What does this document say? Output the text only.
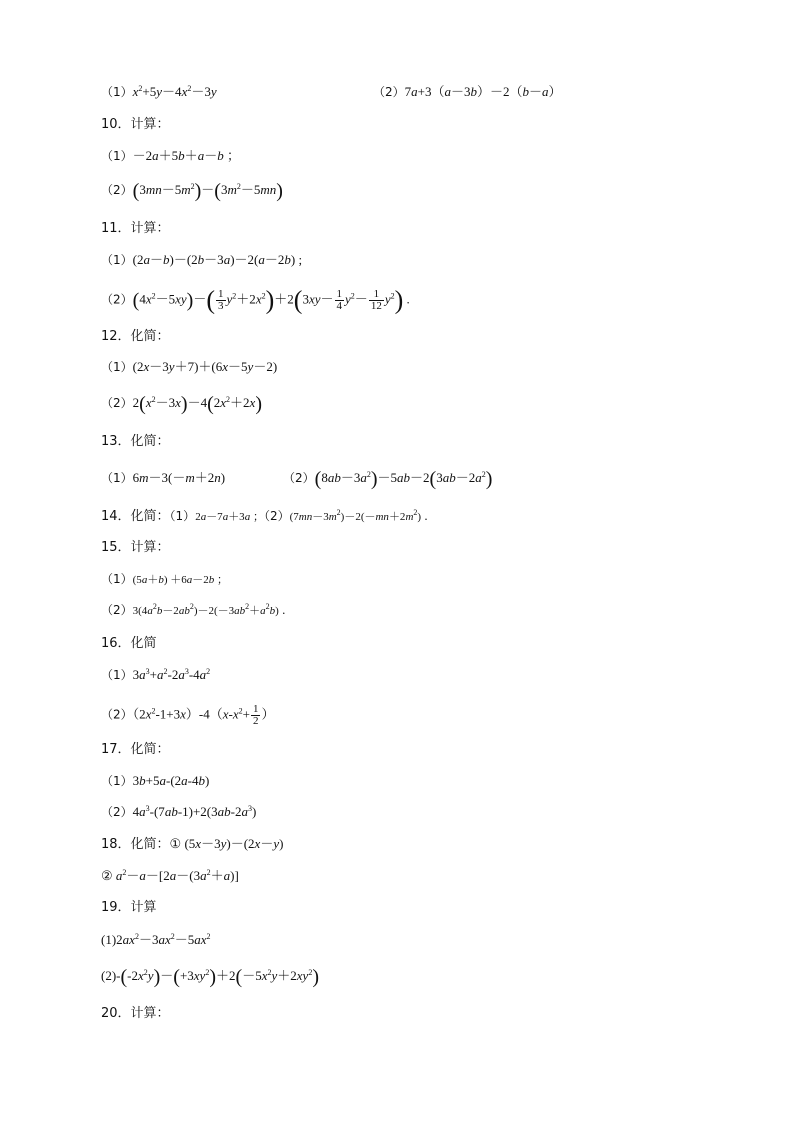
$(1)x^2+5y-4x^2-3y$	（2）7a+3（a－3b）－2（b－a）
10．计算：
（1）－2a＋5b＋a－b ；
$(2)(3mn-5m^2)-(3m^2-5mn)$
11．计算：
（1）(2a－b)－(2b－3a)－2(a－2b) ;
$(2)(4x^2-5xy)-( \frac{1}{3} y^2+2x^2)+2(3xy- \frac{1}{4} y^2- \frac{1}{12} y^2)$ .
12．化简：
（1）(2x－3y＋7)＋(6x－5y－2)
$(2)2(x^2-3x)-4(2x^2+2x)$
13．化简：
（1）6m－3(－m＋2n)	$(2)(8ab-3a^2)-5ab-2(3ab-2a^2)$
14．化简：（1）2a－7a＋3a ；$(2)(7mn-3m^2)-2(-mn+2m^2)$ .
15．计算：
（1）(5a＋b) ＋6a－2b ；
$(2)3(4a^2b-2ab^2)-2(-3ab^2+a^2b)$ .
16．化简
$(1)3a^3+a^2-2a^3-4a^2$
$(2)(2x^2-1+3x)-4(x-x^2+ \frac{1}{2}$ ）
17．化简：
（1）3b+5a-(2a-4b)
$(2)4a^3-(7ab-1)+2(3ab-2a^3)$
18．化简：① (5x－3y)－(2x－y)
② $a^2-a-[2a-(3a^2+a)]$
19．计算
$(1)2ax^2-3ax^2-5ax^2$
$(2)-(-2x^2y)-(+3xy^2)+2(-5x^2y+2xy^2)$
20．计算：
